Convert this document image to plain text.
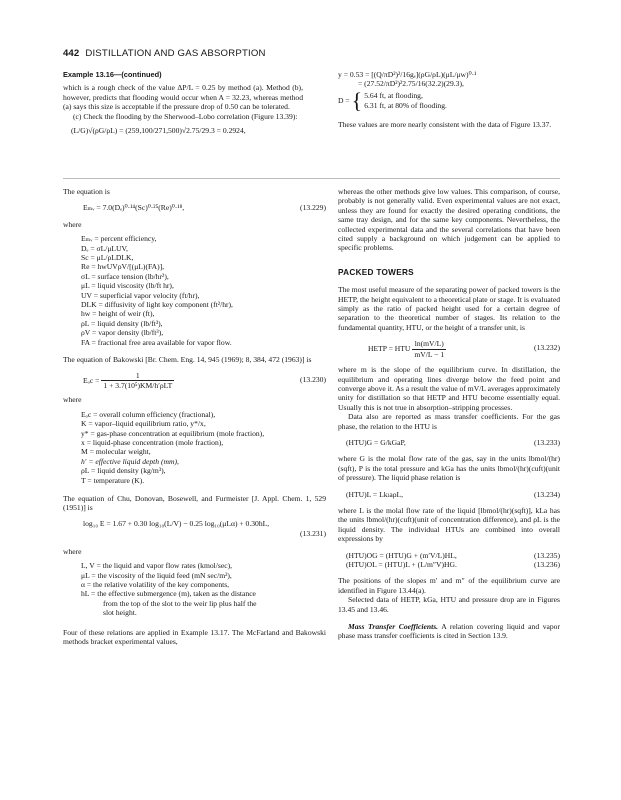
442 DISTILLATION AND GAS ABSORPTION
Example 13.16—(continued)
which is a rough check of the value ΔP/L = 0.25 by method (a). Method (b), however, predicts that flooding would occur when A = 32.23, whereas method (a) says this size is acceptable if the pressure drop of 0.50 can be tolerated.
(c) Check the flooding by the Sherwood–Lobo correlation (Figure 13.39):
(L/G)√(ρG/ρL) = (259,100/271,500)√2.75/29.3 = 0.2924,
y = 0.53 = [(Q/πD²)²/16gₑ](ρG/ρL)(μL/μw)⁰·¹
= (27.52/πD²)²2.75/16(32.2)(29.3),
D = { 5.64 ft, at flooding,
6.31 ft, at 80% of flooding.
These values are more nearly consistent with the data of Figure 13.37.
The equation is
Eₘᵥ = 7.0(Dₑ)⁰·¹⁴(Sc)⁰·²⁵(Re)⁰·¹⁸,	(13.229)
where
Eₘᵥ = percent efficiency,
Dₑ = σL/μLUV,
Sc = μL/ρLDLK,
Re = hwUVρV/[(μL)(FA)],
σL = surface tension (lb/hr²),
μL = liquid viscosity (lb/ft hr),
UV = superficial vapor velocity (ft/hr),
DLK = diffusivity of light key component (ft²/hr),
hw = height of weir (ft),
ρL = liquid density (lb/ft³),
ρV = vapor density (lb/ft³),
FA = fractional free area available for vapor flow.
The equation of Bakowski [Br. Chem. Eng. 14, 945 (1969); 8, 384, 472 (1963)] is
$E_oc = \frac{1}{\text{1 + 3.7(10⁵)KM/h′ρLT}}$	(13.230)
where
Eₒc = overall column efficiency (fractional),
K = vapor–liquid equilibrium ratio, y*/x,
y* = gas-phase concentration at equilibrium (mole fraction),
x = liquid-phase concentration (mole fraction),
M = molecular weight,
h′ = effective liquid depth (mm),
ρL = liquid density (kg/m³),
T = temperature (K).
The equation of Chu, Donovan, Bosewell, and Furmeister [J. Appl. Chem. 1, 529 (1951)] is
log₁₀ E = 1.67 + 0.30 log₁₀(L/V) − 0.25 log₁₀(μLα) + 0.30hL,
(13.231)
where
L, V = the liquid and vapor flow rates (kmol/sec),
μL = the viscosity of the liquid feed (mN sec/m²),
α = the relative volatility of the key components,
hL = the effective submergence (m), taken as the distance
from the top of the slot to the weir lip plus half the
slot height.
Four of these relations are applied in Example 13.17. The McFarland and Bakowski methods bracket experimental values,
whereas the other methods give low values. This comparison, of course, probably is not generally valid. Even experimental values are not exact, unless they are found for exactly the desired operating conditions, the same tray design, and for the same key components. Nevertheless, the collected experimental data and the several correlations that have been cited supply a background on which judgement can be applied to specific problems.
PACKED TOWERS
The most useful measure of the separating power of packed towers is the HETP, the height equivalent to a theoretical plate or stage. It is evaluated simply as the ratio of packed height used for a certain degree of separation to the theoretical number of stages. Its relation to the fundamental quantity, HTU, or the height of a transfer unit, is
HETP = HTU $\frac{\ln(mV/L)}{mV/L - 1}$	(13.232)
where m is the slope of the equilibrium curve. In distillation, the equilibrium and operating lines diverge below the feed point and converge above it. As a result the value of mV/L averages approximately unity for distillation so that HETP and HTU become essentially equal. Usually this is not true in absorption–stripping processes.
Data also are reported as mass transfer coefficients. For the gas phase, the relation to the HTU is
(HTU)G = G/kGaP,	(13.233)
where G is the molal flow rate of the gas, say in the units lbmol/(hr)(sqft), P is the total pressure and kGa has the units lbmol/(hr)(cuft)(unit of pressure). The liquid phase relation is
(HTU)L = LkₗaρL,	(13.234)
where L is the molal flow rate of the liquid [lbmol/(hr)(sqft)], kLa has the units lbmol/(hr)(cuft)(unit of concentration difference), and ρL is the liquid density. The individual HTUs are combined into overall expressions by
(HTU)OG = (HTU)G + (m′V/L)HL,	(13.235)
(HTU)OL = (HTU)L + (L/m″V)HG.	(13.236)
The positions of the slopes m′ and m″ of the equilibrium curve are identified in Figure 13.44(a).
Selected data of HETP, kGa, HTU and pressure drop are in Figures 13.45 and 13.46.
Mass Transfer Coefficients. A relation covering liquid and vapor phase mass transfer coefficients is cited in Section 13.9.
